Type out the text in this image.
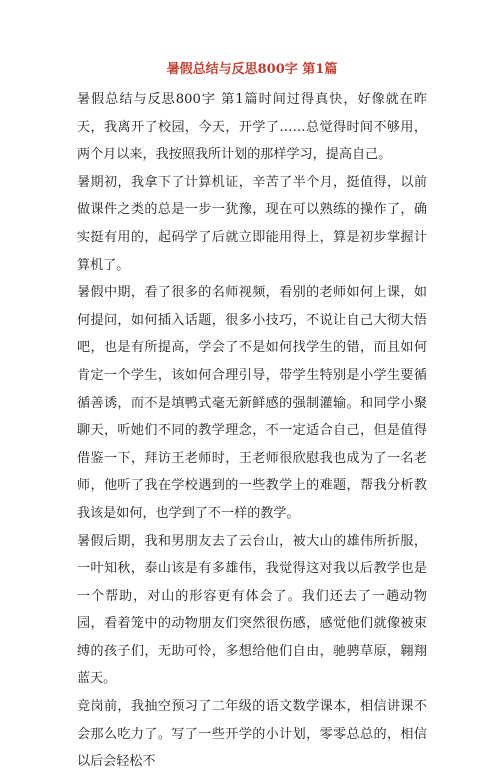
暑假总结与反思800字 第1篇

暑假总结与反思800字 第1篇时间过得真快，好像就在昨天，我离开了校园，今天，开学了……总觉得时间不够用，两个月以来，我按照我所计划的那样学习，提高自己。

暑期初，我拿下了计算机证，辛苦了半个月，挺值得，以前做课件之类的总是一步一犹豫，现在可以熟练的操作了，确实挺有用的，起码学了后就立即能用得上，算是初步掌握计算机了。

暑假中期，看了很多的名师视频，看别的老师如何上课，如何提问，如何插入话题，很多小技巧，不说让自己大彻大悟吧，也是有所提高，学会了不是如何找学生的错，而且如何肯定一个学生，该如何合理引导，带学生特别是小学生要循循善诱，而不是填鸭式毫无新鲜感的强制灌输。和同学小聚聊天，听她们不同的教学理念，不一定适合自己，但是值得借鉴一下，拜访王老师时，王老师很欣慰我也成为了一名老师，他听了我在学校遇到的一些教学上的难题，帮我分析教我该是如何，也学到了不一样的教学。

暑假后期，我和男朋友去了云台山，被大山的雄伟所折服，一叶知秋，泰山该是有多雄伟，我觉得这对我以后教学也是一个帮助，对山的形容更有体会了。我们还去了一趟动物园，看着笼中的动物朋友们突然很伤感，感觉他们就像被束缚的孩子们，无助可怜，多想给他们自由，驰骋草原，翱翔蓝天。

竞岗前，我抽空预习了二年级的语文数学课本，相信讲课不会那么吃力了。写了一些开学的小计划，零零总总的，相信以后会轻松不
